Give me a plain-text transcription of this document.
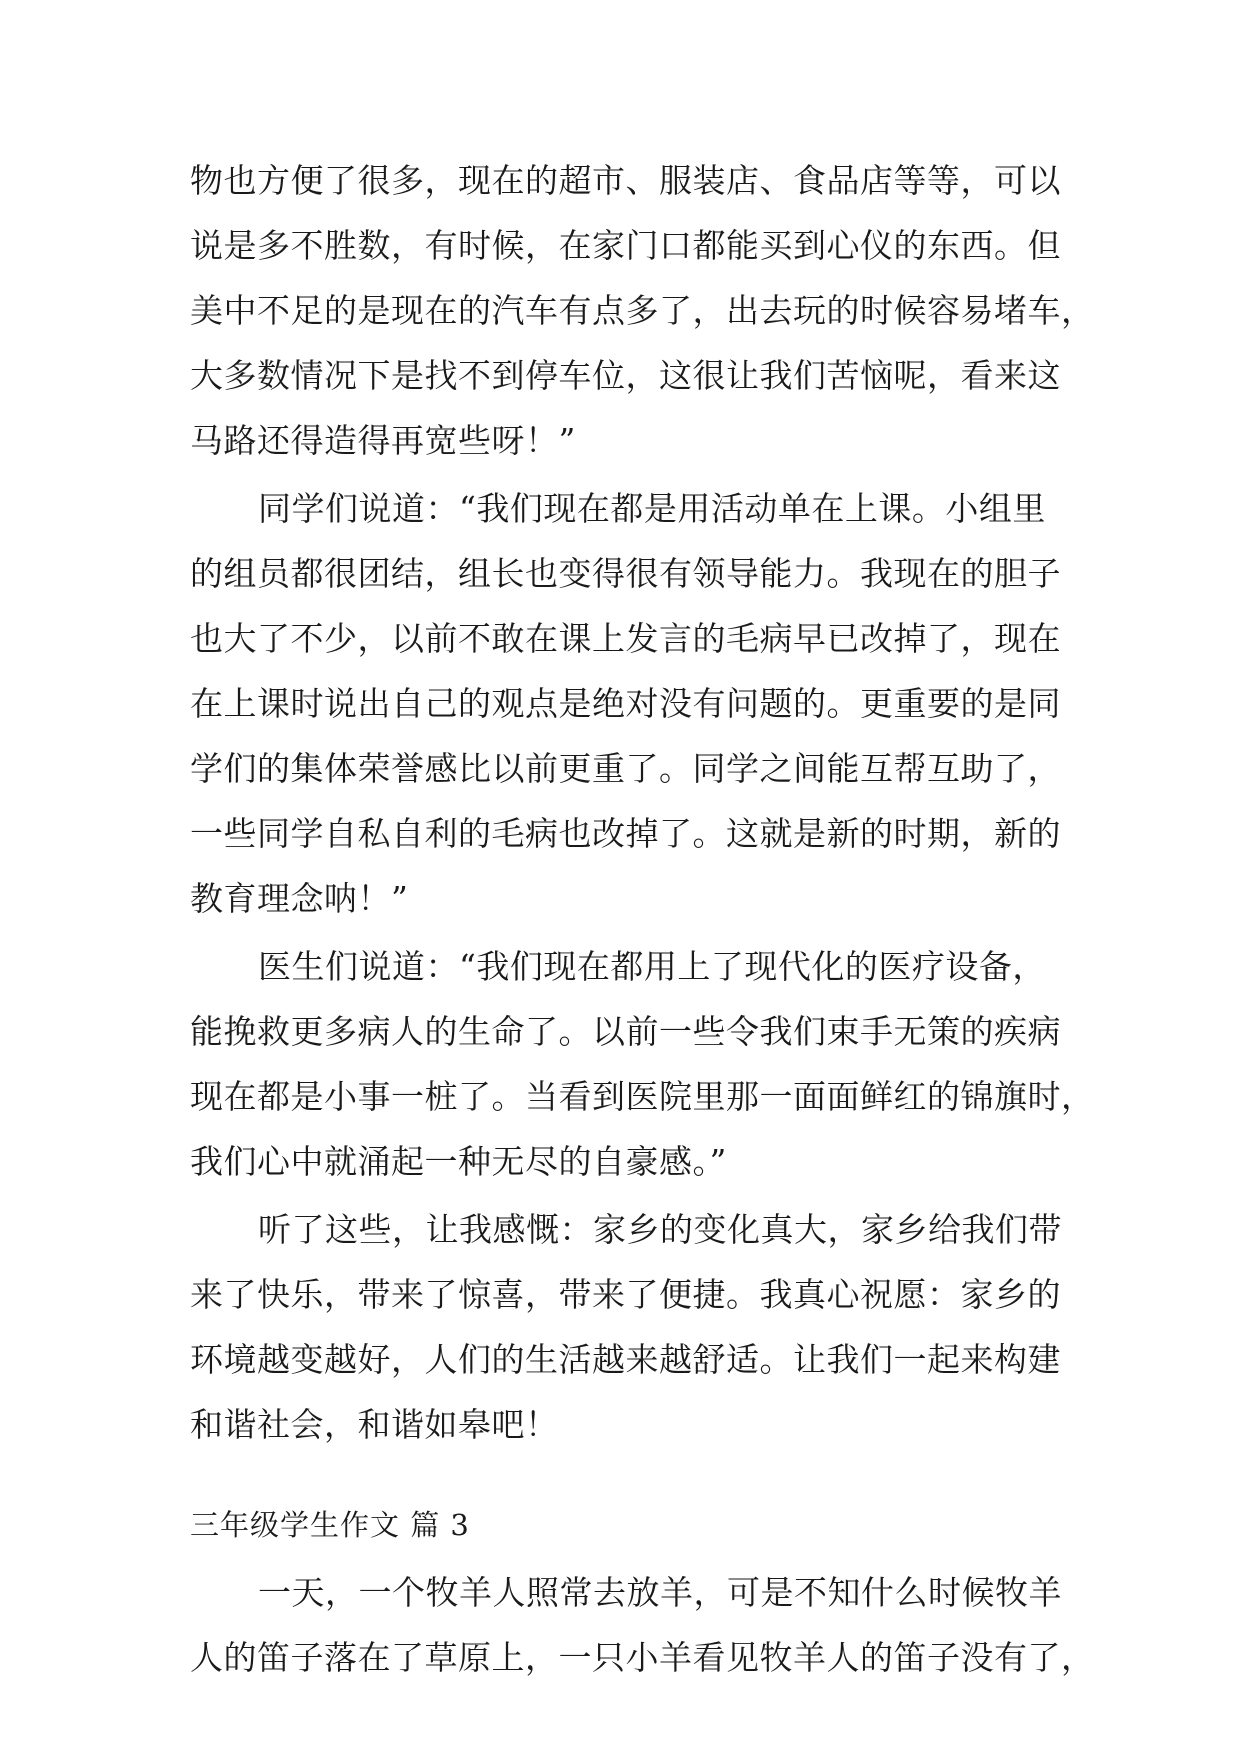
物也方便了很多，现在的超市、服装店、食品店等等，可以
说是多不胜数，有时候，在家门口都能买到心仪的东西。但
美中不足的是现在的汽车有点多了，出去玩的时候容易堵车，
大多数情况下是找不到停车位，这很让我们苦恼呢，看来这
马路还得造得再宽些呀！”
同学们说道：“我们现在都是用活动单在上课。小组里
的组员都很团结，组长也变得很有领导能力。我现在的胆子
也大了不少，以前不敢在课上发言的毛病早已改掉了，现在
在上课时说出自己的观点是绝对没有问题的。更重要的是同
学们的集体荣誉感比以前更重了。同学之间能互帮互助了，
一些同学自私自利的毛病也改掉了。这就是新的时期，新的
教育理念呐！”
医生们说道：“我们现在都用上了现代化的医疗设备，
能挽救更多病人的生命了。以前一些令我们束手无策的疾病
现在都是小事一桩了。当看到医院里那一面面鲜红的锦旗时，
我们心中就涌起一种无尽的自豪感。”
听了这些，让我感慨：家乡的变化真大，家乡给我们带
来了快乐，带来了惊喜，带来了便捷。我真心祝愿：家乡的
环境越变越好，人们的生活越来越舒适。让我们一起来构建
和谐社会，和谐如皋吧！
三年级学生作文 篇 3
一天，一个牧羊人照常去放羊，可是不知什么时候牧羊
人的笛子落在了草原上，一只小羊看见牧羊人的笛子没有了，
